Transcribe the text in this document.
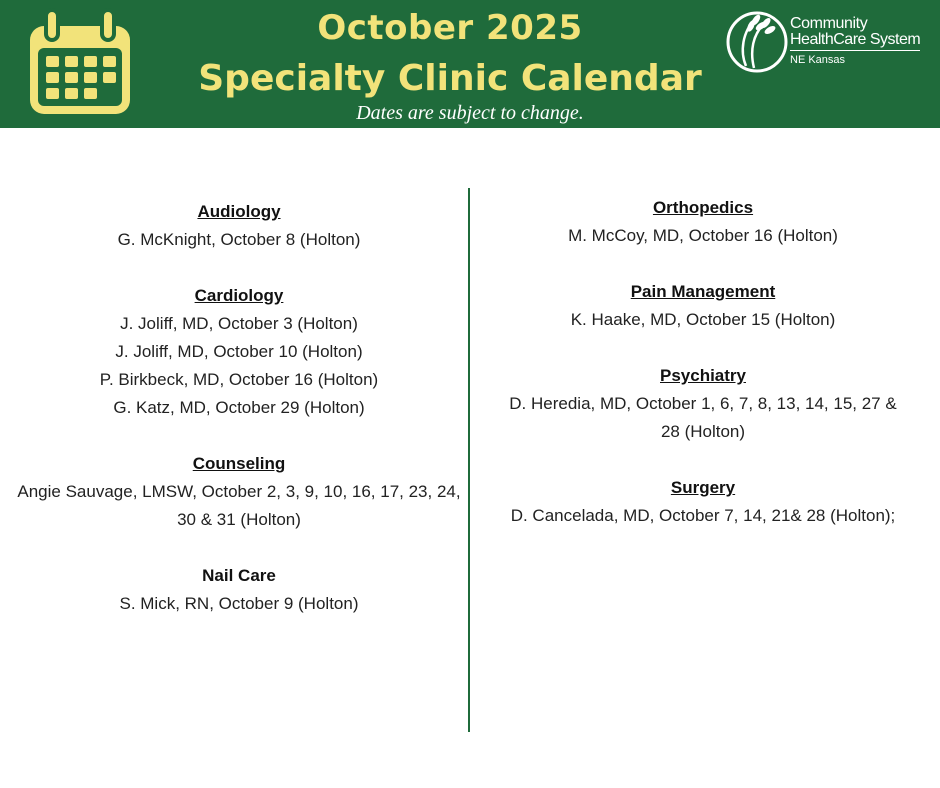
October 2025
Specialty Clinic Calendar

Dates are subject to change.

Community
HealthCare System
NE Kansas
Audiology
G. McKnight, October 8 (Holton)
Cardiology
J. Joliff, MD, October 3 (Holton)
J. Joliff, MD, October 10 (Holton)
P. Birkbeck, MD, October 16 (Holton)
G. Katz, MD, October 29 (Holton)
Counseling
Angie Sauvage, LMSW, October 2, 3, 9, 10, 16, 17, 23, 24,
30 & 31 (Holton)
Nail Care
S. Mick, RN, October 9 (Holton)
Orthopedics
M. McCoy, MD, October 16 (Holton)
Pain Management
K. Haake, MD, October 15 (Holton)
Psychiatry
D. Heredia, MD, October 1, 6, 7, 8, 13, 14, 15, 27 &
28 (Holton)
Surgery
D. Cancelada, MD, October 7, 14, 21& 28 (Holton);
